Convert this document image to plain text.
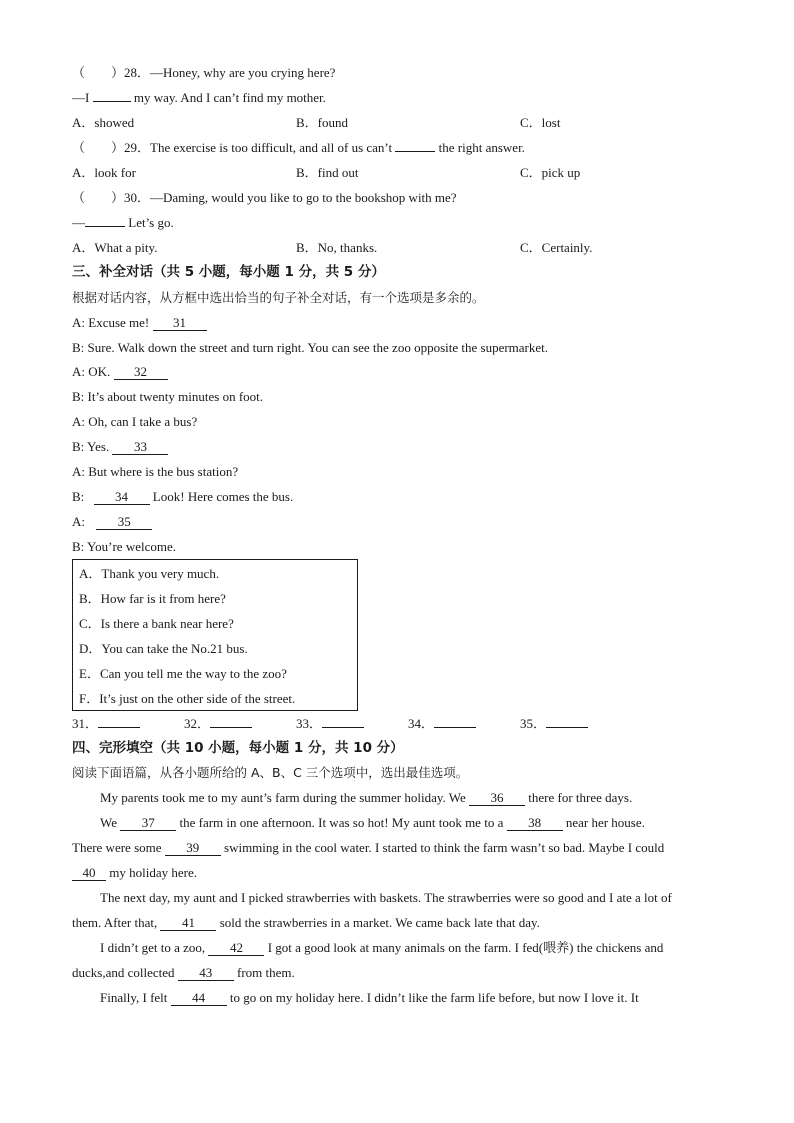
（　　）28．—Honey, why are you crying here?
—I	my way. And I can’t find my mother.
A．showed	B．found	C．lost
（　　）29．The exercise is too difficult, and all of us can’t	the right answer.
A．look for	B．find out	C．pick up
（　　）30．—Daming, would you like to go to the bookshop with me?
—	Let’s go.
A．What a pity.	B．No, thanks.	C．Certainly.
三、补全对话（共 5 小题，每小题 1 分，共 5 分）
根据对话内容，从方框中选出恰当的句子补全对话，有一个选项是多余的。
A: Excuse me! 31
B: Sure. Walk down the street and turn right. You can see the zoo opposite the supermarket.
A: OK. 32
B: It’s about twenty minutes on foot.
A: Oh, can I take a bus?
B: Yes. 33
A: But where is the bus station?
B: 34 Look! Here comes the bus.
A:	35
B: You’re welcome.
A．Thank you very much.
B．How far is it from here?
C．Is there a bank near here?
D．You can take the No.21 bus.
E．Can you tell me the way to the zoo?
F．It’s just on the other side of the street.
31．	32．	33．	34．	35．
四、完形填空（共 10 小题，每小题 1 分，共 10 分）
阅读下面语篇，从各小题所给的 A、B、C 三个选项中，选出最佳选项。
My parents took me to my aunt’s farm during the summer holiday. We 36 there for three days.
We 37 the farm in one afternoon. It was so hot! My aunt took me to a 38 near her house.
There were some 39 swimming in the cool water. I started to think the farm wasn’t so bad. Maybe I could
40 my holiday here.
The next day, my aunt and I picked strawberries with baskets. The strawberries were so good and I ate a lot of
them. After that, 41 sold the strawberries in a market. We came back late that day.
I didn’t get to a zoo, 42 I got a good look at many animals on the farm. I fed(喂养) the chickens and
ducks,and collected 43 from them.
Finally, I felt 44 to go on my holiday here. I didn’t like the farm life before, but now I love it. It
